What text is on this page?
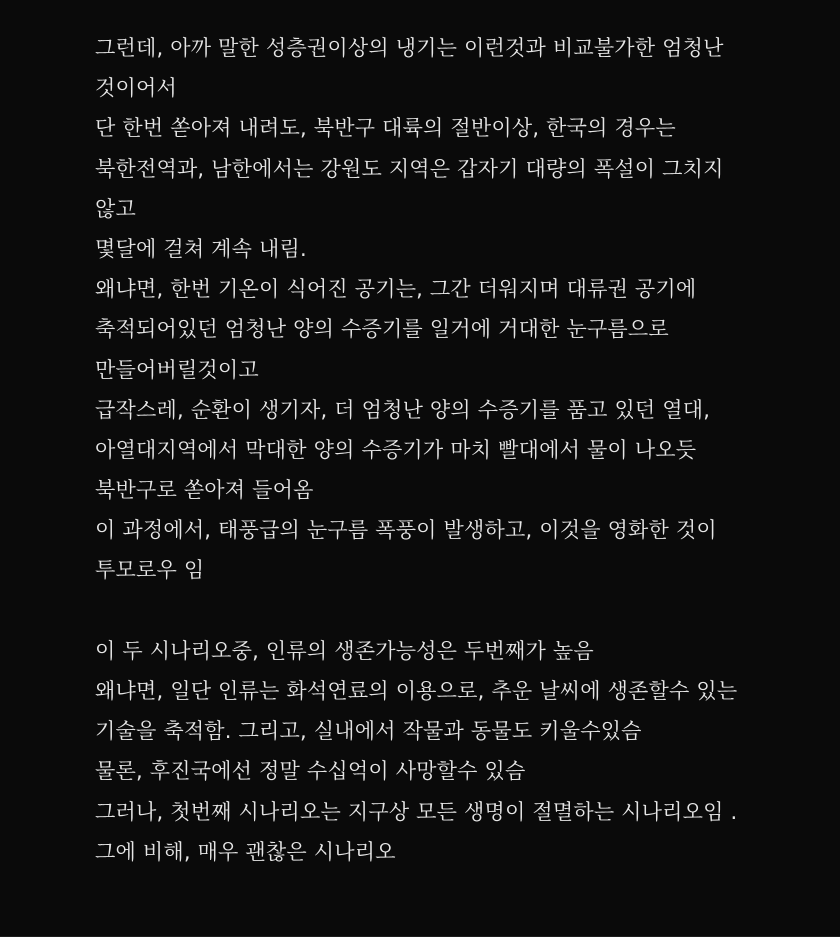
그런데, 아까 말한 성층권이상의 냉기는 이런것과 비교불가한 엄청난
것이어서
단 한번 쏟아져 내려도, 북반구 대륙의 절반이상, 한국의 경우는
북한전역과, 남한에서는 강원도 지역은 갑자기 대량의 폭설이 그치지
않고
몇달에 걸쳐 계속 내림.
왜냐면, 한번 기온이 식어진 공기는, 그간 더워지며 대류권 공기에
축적되어있던 엄청난 양의 수증기를 일거에 거대한 눈구름으로
만들어버릴것이고
급작스레, 순환이 생기자, 더 엄청난 양의 수증기를 품고 있던 열대,
아열대지역에서 막대한 양의 수증기가 마치 빨대에서 물이 나오듯
북반구로 쏟아져 들어옴
이 과정에서, 태풍급의 눈구름 폭풍이 발생하고, 이것을 영화한 것이
투모로우 임
이 두 시나리오중, 인류의 생존가능성은 두번째가 높음
왜냐면, 일단 인류는 화석연료의 이용으로, 추운 날씨에 생존할수 있는
기술을 축적함. 그리고, 실내에서 작물과 동물도 키울수있슴
물론, 후진국에선 정말 수십억이 사망할수 있슴
그러나, 첫번째 시나리오는 지구상 모든 생명이 절멸하는 시나리오임 .
그에 비해, 매우 괜찮은 시나리오
